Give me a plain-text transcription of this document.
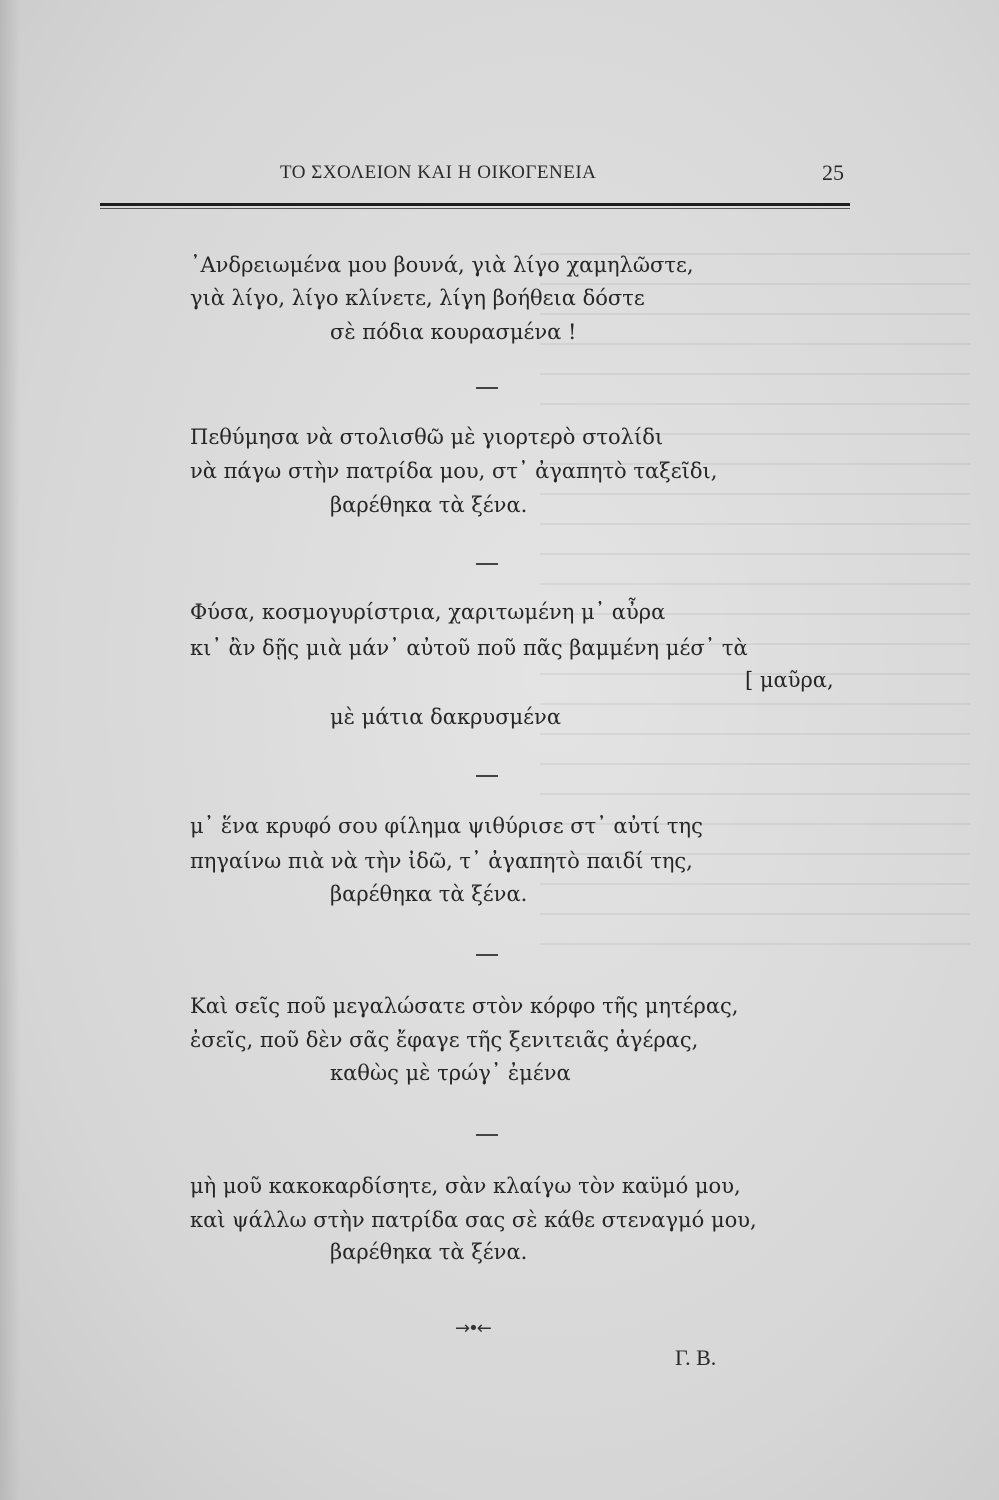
ΤΟ ΣΧΟΛΕΙΟΝ ΚΑΙ Η ΟΙΚΟΓΕΝΕΙΑ	25
᾿Ανδρειωμένα μου βουνά, γιὰ λίγο χαμηλῶστε,
γιὰ λίγο, λίγο κλίνετε, λίγη βοήθεια δόστε
σὲ πόδια κουρασμένα !
Πεθύμησα νὰ στολισθῶ μὲ γιορτερὸ στολίδι
νὰ πάγω στὴν πατρίδα μου, στ᾿ ἀγαπητὸ ταξεῖδι,
βαρέθηκα τὰ ξένα.
Φύσα, κοσμογυρίστρια, χαριτωμένη μ᾿ αὖρα
κι᾿ ἂν δῇς μιὰ μάν᾿ αὐτοῦ ποῦ πᾶς βαμμένη μέσ᾿ τὰ
[ μαῦρα,
μὲ μάτια δακρυσμένα
μ᾿ ἕνα κρυφό σου φίλημα ψιθύρισε στ᾿ αὐτί της
πηγαίνω πιὰ νὰ τὴν ἰδῶ, τ᾿ ἀγαπητὸ παιδί της,
βαρέθηκα τὰ ξένα.
Καὶ σεῖς ποῦ μεγαλώσατε στὸν κόρφο τῆς μητέρας,
ἐσεῖς, ποῦ δὲν σᾶς ἔφαγε τῆς ξενιτειᾶς ἀγέρας,
καθὼς μὲ τρώγ᾿ ἐμένα
μὴ μοῦ κακοκαρδίσητε, σὰν κλαίγω τὸν καϋμό μου,
καὶ ψάλλω στὴν πατρίδα σας σὲ κάθε στεναγμό μου,
βαρέθηκα τὰ ξένα.
→•←
Γ. Β.
